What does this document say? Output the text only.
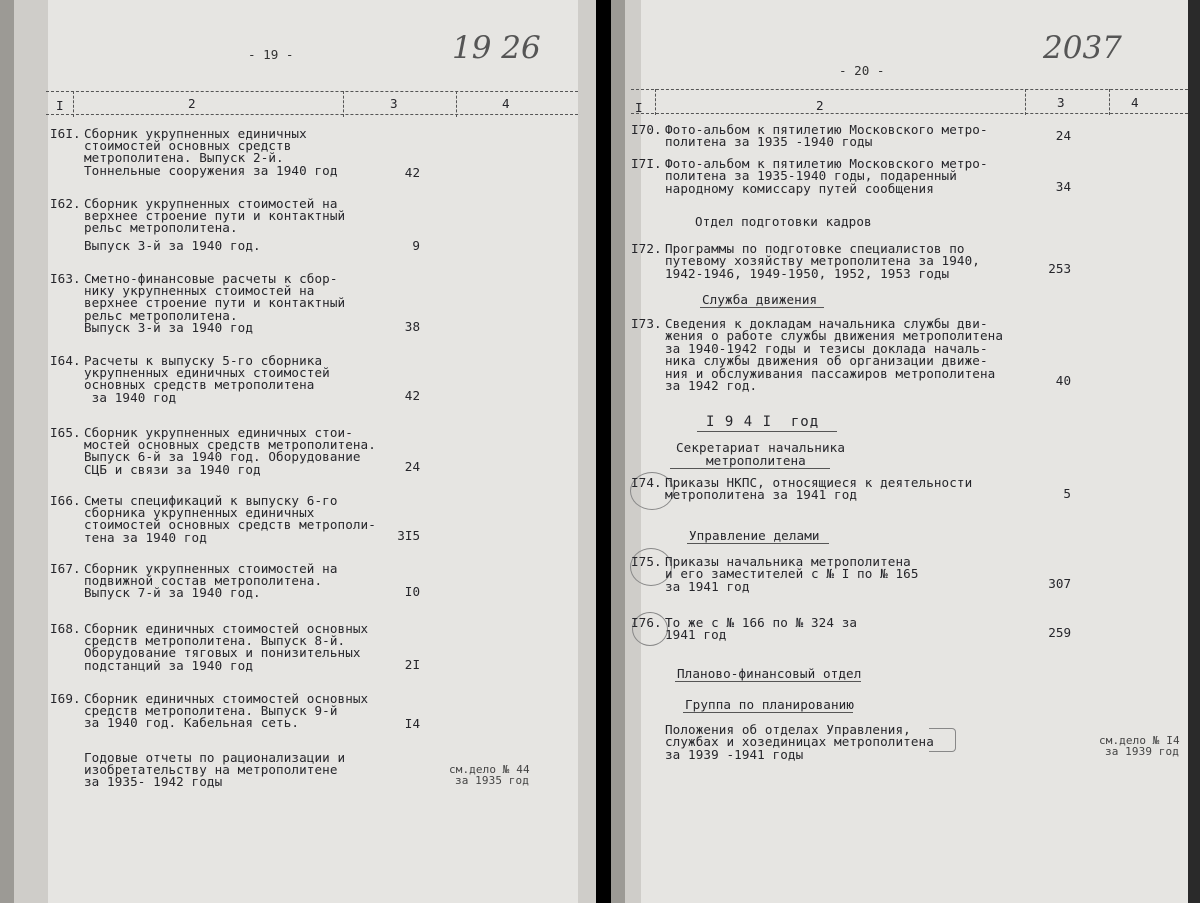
- 19 -	19 26
I	2	3	4
I6I. Сборник укрупненных единичных
стоимостей основных средств
метрополитена. Выпуск 2-й.
Тоннельные сооружения за 1940 год	42
I62. Сборник укрупненных стоимостей на
верхнее строение пути и контактный
рельс метрополитена.
Выпуск 3-й за 1940 год.	9
I63. Сметно-финансовые расчеты к сбор-
нику укрупненных стоимостей на
верхнее строение пути и контактный
рельс метрополитена.
Выпуск 3-й за 1940 год	38
I64. Расчеты к выпуску 5-го сборника
укрупненных единичных стоимостей
основных средств метрополитена
за 1940 год	42
I65. Сборник укрупненных единичных стои-
мостей основных средств метрополитена.
Выпуск 6-й за 1940 год. Оборудование
СЦБ и связи за 1940 год	24
I66. Сметы спецификаций к выпуску 6-го
сборника укрупненных единичных
стоимостей основных средств метрополи-
тена за 1940 год	3I5
I67. Сборник укрупненных стоимостей на
подвижной состав метрополитена.
Выпуск 7-й за 1940 год.	I0
I68. Сборник единичных стоимостей основных
средств метрополитена. Выпуск 8-й.
Оборудование тяговых и понизительных
подстанций за 1940 год	2I
I69. Сборник единичных стоимостей основных
средств метрополитена. Выпуск 9-й
за 1940 год. Кабельная сеть.	I4
Годовые отчеты по рационализации и
изобретательству на метрополитене
за 1935- 1942 годы
см.дело № 44
за 1935 год
- 20 -
2037
I	2	3	4
Отдел подготовки кадров
Служба движения
I 9 4 I  год
Секретариат начальника
метрополитена
Управление делами
Планово-финансовый отдел
Группа по планированию
I70. Фото-альбом к пятилетию Московского метро-
политена за 1935 -1940 годы	24
I7I. Фото-альбом к пятилетию Московского метро-
политена за 1935-1940 годы, подаренный
народному комиссару путей сообщения	34
I72. Программы по подготовке специалистов по
путевому хозяйству метрополитена за 1940,
1942-1946, 1949-1950, 1952, 1953 годы	253
I73. Сведения к докладам начальника службы дви-
жения о работе службы движения метрополитена
за 1940-1942 годы и тезисы доклада началь-
ника службы движения об организации движе-
ния и обслуживания пассажиров метрополитена
за 1942 год.	40
I74. Приказы НКПС, относящиеся к деятельности
метрополитена за 1941 год	5
I75. Приказы начальника метрополитена
и его заместителей с № I по № 165
за 1941 год	307
I76. То же с № 166 по № 324 за
1941 год	259
Положения об отделах Управления,
службах и хозединицах метрополитена
за 1939 -1941 годы
см.дело № I4
за 1939 год
